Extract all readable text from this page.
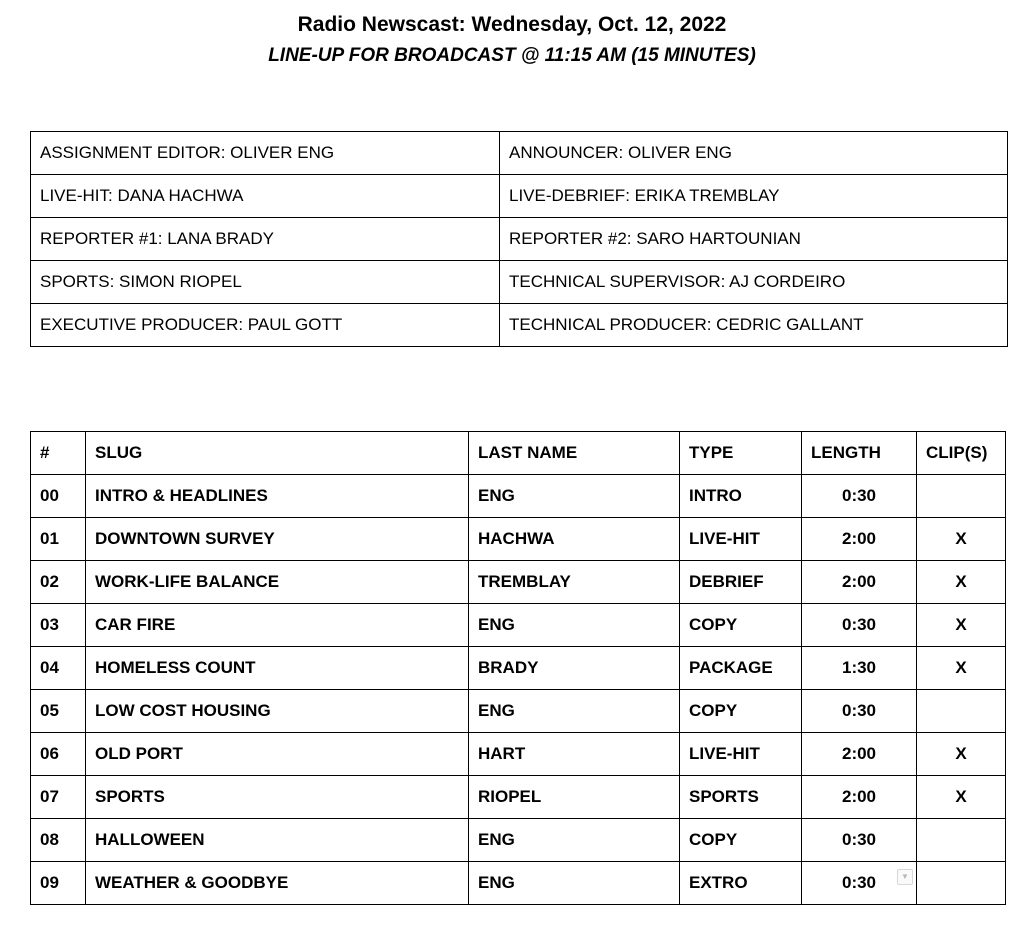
Radio Newscast: Wednesday, Oct. 12, 2022
LINE-UP FOR BROADCAST @ 11:15 AM (15 MINUTES)
ASSIGNMENT EDITOR: OLIVER ENG	ANNOUNCER: OLIVER ENG
LIVE-HIT: DANA HACHWA	LIVE-DEBRIEF: ERIKA TREMBLAY
REPORTER #1: LANA BRADY	REPORTER #2: SARO HARTOUNIAN
SPORTS: SIMON RIOPEL	TECHNICAL SUPERVISOR: AJ CORDEIRO
EXECUTIVE PRODUCER: PAUL GOTT	TECHNICAL PRODUCER: CEDRIC GALLANT
#	SLUG	LAST NAME	TYPE	LENGTH	CLIP(S)
00	INTRO & HEADLINES	ENG	INTRO	0:30	
01	DOWNTOWN SURVEY	HACHWA	LIVE-HIT	2:00	X
02	WORK-LIFE BALANCE	TREMBLAY	DEBRIEF	2:00	X
03	CAR FIRE	ENG	COPY	0:30	X
04	HOMELESS COUNT	BRADY	PACKAGE	1:30	X
05	LOW COST HOUSING	ENG	COPY	0:30	
06	OLD PORT	HART	LIVE-HIT	2:00	X
07	SPORTS	RIOPEL	SPORTS	2:00	X
08	HALLOWEEN	ENG	COPY	0:30	
09	WEATHER & GOODBYE	ENG	EXTRO	0:30 ▼	
